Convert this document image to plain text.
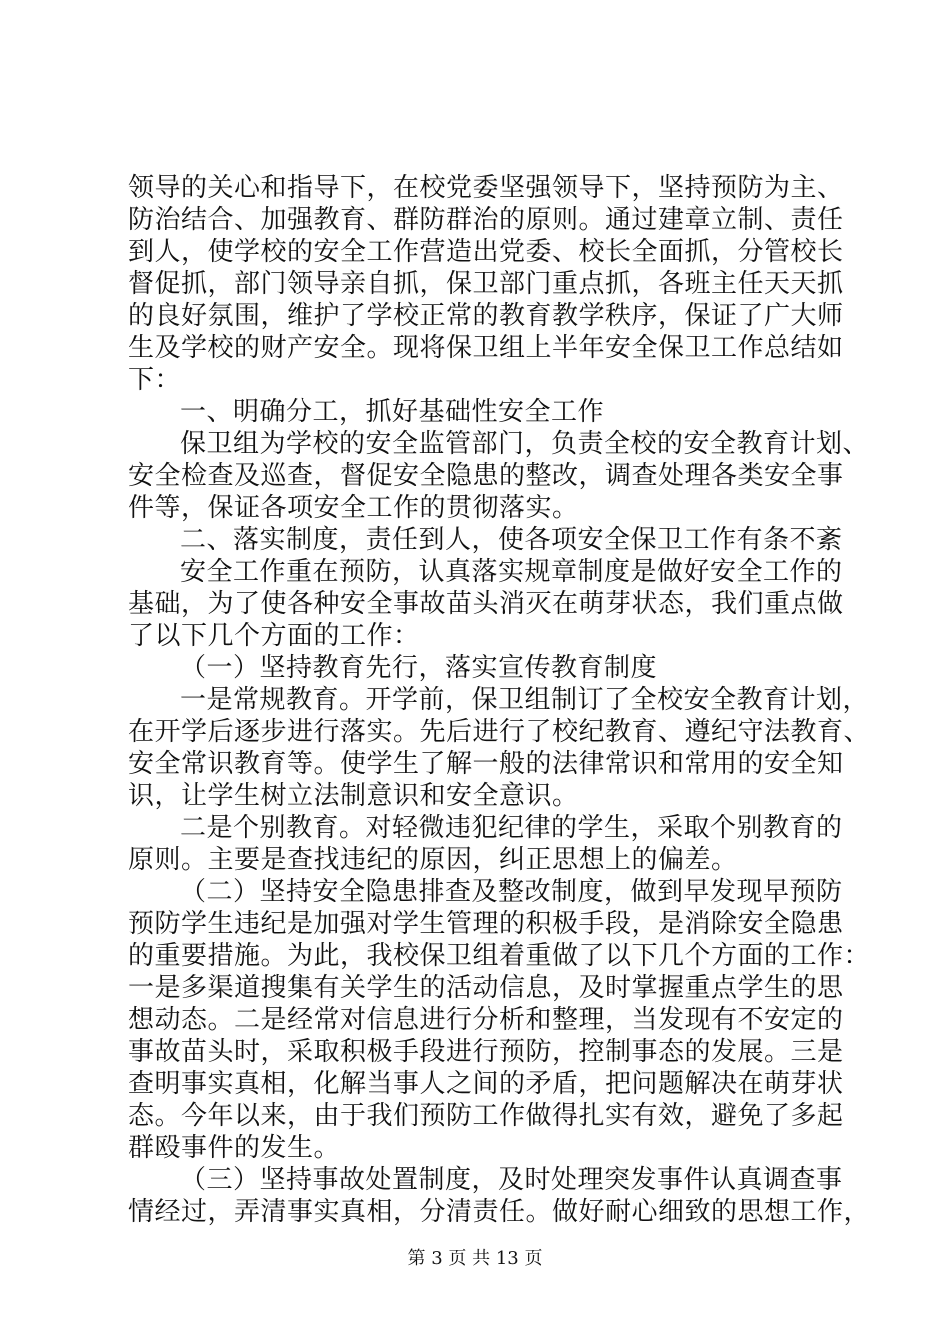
领导的关心和指导下，在校党委坚强领导下，坚持预防为主、
防治结合、加强教育、群防群治的原则。通过建章立制、责任
到人，使学校的安全工作营造出党委、校长全面抓，分管校长
督促抓，部门领导亲自抓，保卫部门重点抓，各班主任天天抓
的良好氛围，维护了学校正常的教育教学秩序，保证了广大师
生及学校的财产安全。现将保卫组上半年安全保卫工作总结如
下：
一、明确分工，抓好基础性安全工作
保卫组为学校的安全监管部门，负责全校的安全教育计划、
安全检查及巡查，督促安全隐患的整改，调查处理各类安全事
件等，保证各项安全工作的贯彻落实。
二、落实制度，责任到人，使各项安全保卫工作有条不紊
安全工作重在预防，认真落实规章制度是做好安全工作的
基础，为了使各种安全事故苗头消灭在萌芽状态，我们重点做
了以下几个方面的工作：
（一）坚持教育先行，落实宣传教育制度
一是常规教育。开学前，保卫组制订了全校安全教育计划，
在开学后逐步进行落实。先后进行了校纪教育、遵纪守法教育、
安全常识教育等。使学生了解一般的法律常识和常用的安全知
识，让学生树立法制意识和安全意识。
二是个别教育。对轻微违犯纪律的学生，采取个别教育的
原则。主要是查找违纪的原因，纠正思想上的偏差。
（二）坚持安全隐患排查及整改制度，做到早发现早预防
预防学生违纪是加强对学生管理的积极手段，是消除安全隐患
的重要措施。为此，我校保卫组着重做了以下几个方面的工作：
一是多渠道搜集有关学生的活动信息，及时掌握重点学生的思
想动态。二是经常对信息进行分析和整理，当发现有不安定的
事故苗头时，采取积极手段进行预防，控制事态的发展。三是
查明事实真相，化解当事人之间的矛盾，把问题解决在萌芽状
态。今年以来，由于我们预防工作做得扎实有效，避免了多起
群殴事件的发生。
（三）坚持事故处置制度，及时处理突发事件认真调查事
情经过，弄清事实真相，分清责任。做好耐心细致的思想工作，
第 3 页 共 13 页
